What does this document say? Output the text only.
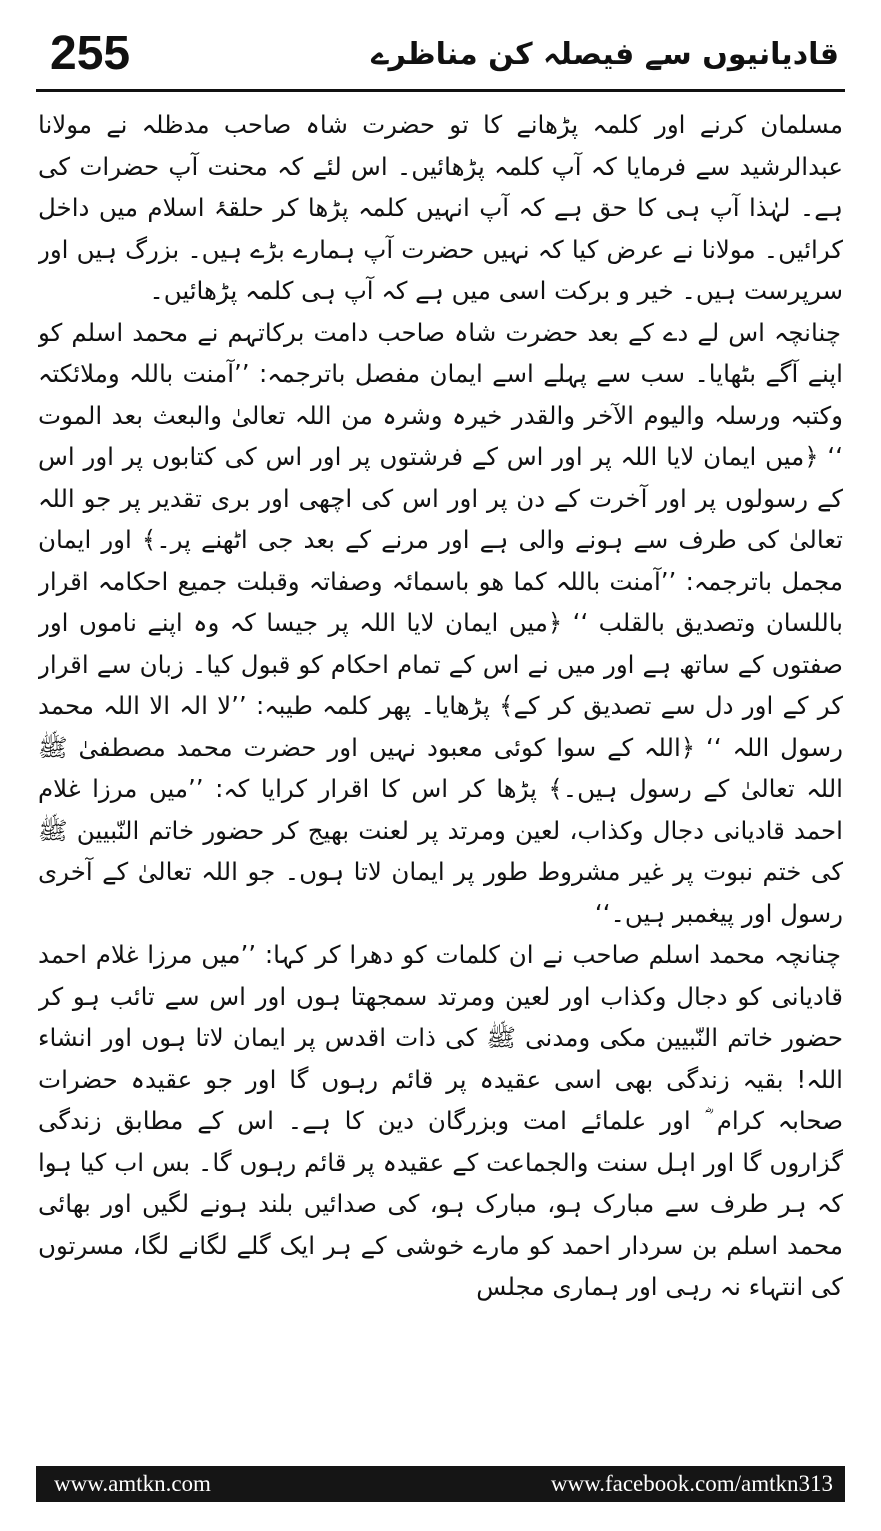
255	قادیانیوں سے فیصلہ کن مناظرے

مسلمان کرنے اور کلمہ پڑھانے کا تو حضرت شاہ صاحب مدظلہ نے مولانا عبدالرشید سے فرمایا کہ آپ کلمہ پڑھائیں۔ اس لئے کہ محنت آپ حضرات کی ہے۔ لہٰذا آپ ہی کا حق ہے کہ آپ انہیں کلمہ پڑھا کر حلقۂ اسلام میں داخل کرائیں۔ مولانا نے عرض کیا کہ نہیں حضرت آپ ہمارے بڑے ہیں۔ بزرگ ہیں اور سرپرست ہیں۔ خیر و برکت اسی میں ہے کہ آپ ہی کلمہ پڑھائیں۔

چنانچہ اس لے دے کے بعد حضرت شاہ صاحب دامت برکاتہم نے محمد اسلم کو اپنے آگے بٹھایا۔ سب سے پہلے اسے ایمان مفصل باترجمہ: ’’آمنت باللہ وملائکتہ وکتبہ ورسلہ والیوم الآخر والقدر خیرہ وشرہ من اللہ تعالیٰ والبعث بعد الموت ‘‘ ﴿میں ایمان لایا اللہ پر اور اس کے فرشتوں پر اور اس کی کتابوں پر اور اس کے رسولوں پر اور آخرت کے دن پر اور اس کی اچھی اور بری تقدیر پر جو اللہ تعالیٰ کی طرف سے ہونے والی ہے اور مرنے کے بعد جی اٹھنے پر۔﴾ اور ایمان مجمل باترجمہ: ’’آمنت باللہ کما ھو باسمائہ وصفاتہ وقبلت جمیع احکامہ اقرار باللسان وتصدیق بالقلب ‘‘ ﴿میں ایمان لایا اللہ پر جیسا کہ وہ اپنے ناموں اور صفتوں کے ساتھ ہے اور میں نے اس کے تمام احکام کو قبول کیا۔ زبان سے اقرار کر کے اور دل سے تصدیق کر کے﴾ پڑھایا۔ پھر کلمہ طیبہ: ’’لا الہ الا اللہ محمد رسول اللہ ‘‘ ﴿اللہ کے سوا کوئی معبود نہیں اور حضرت محمد مصطفیٰ ﷺ اللہ تعالیٰ کے رسول ہیں۔﴾ پڑھا کر اس کا اقرار کرایا کہ: ’’میں مرزا غلام احمد قادیانی دجال وکذاب، لعین ومرتد پر لعنت بھیج کر حضور خاتم النّبیین ﷺ کی ختم نبوت پر غیر مشروط طور پر ایمان لاتا ہوں۔ جو اللہ تعالیٰ کے آخری رسول اور پیغمبر ہیں۔‘‘

چنانچہ محمد اسلم صاحب نے ان کلمات کو دھرا کر کہا: ’’میں مرزا غلام احمد قادیانی کو دجال وکذاب اور لعین ومرتد سمجھتا ہوں اور اس سے تائب ہو کر حضور خاتم النّبیین مکی ومدنی ﷺ کی ذات اقدس پر ایمان لاتا ہوں اور انشاء اللہ! بقیہ زندگی بھی اسی عقیدہ پر قائم رہوں گا اور جو عقیدہ حضرات صحابہ کرام ؓ اور علمائے امت وبزرگان دین کا ہے۔ اس کے مطابق زندگی گزاروں گا اور اہل سنت والجماعت کے عقیدہ پر قائم رہوں گا۔ بس اب کیا ہوا کہ ہر طرف سے مبارک ہو، مبارک ہو، کی صدائیں بلند ہونے لگیں اور بھائی محمد اسلم بن سردار احمد کو مارے خوشی کے ہر ایک گلے لگانے لگا، مسرتوں کی انتہاء نہ رہی اور ہماری مجلس

www.amtkn.com	www.facebook.com/amtkn313
